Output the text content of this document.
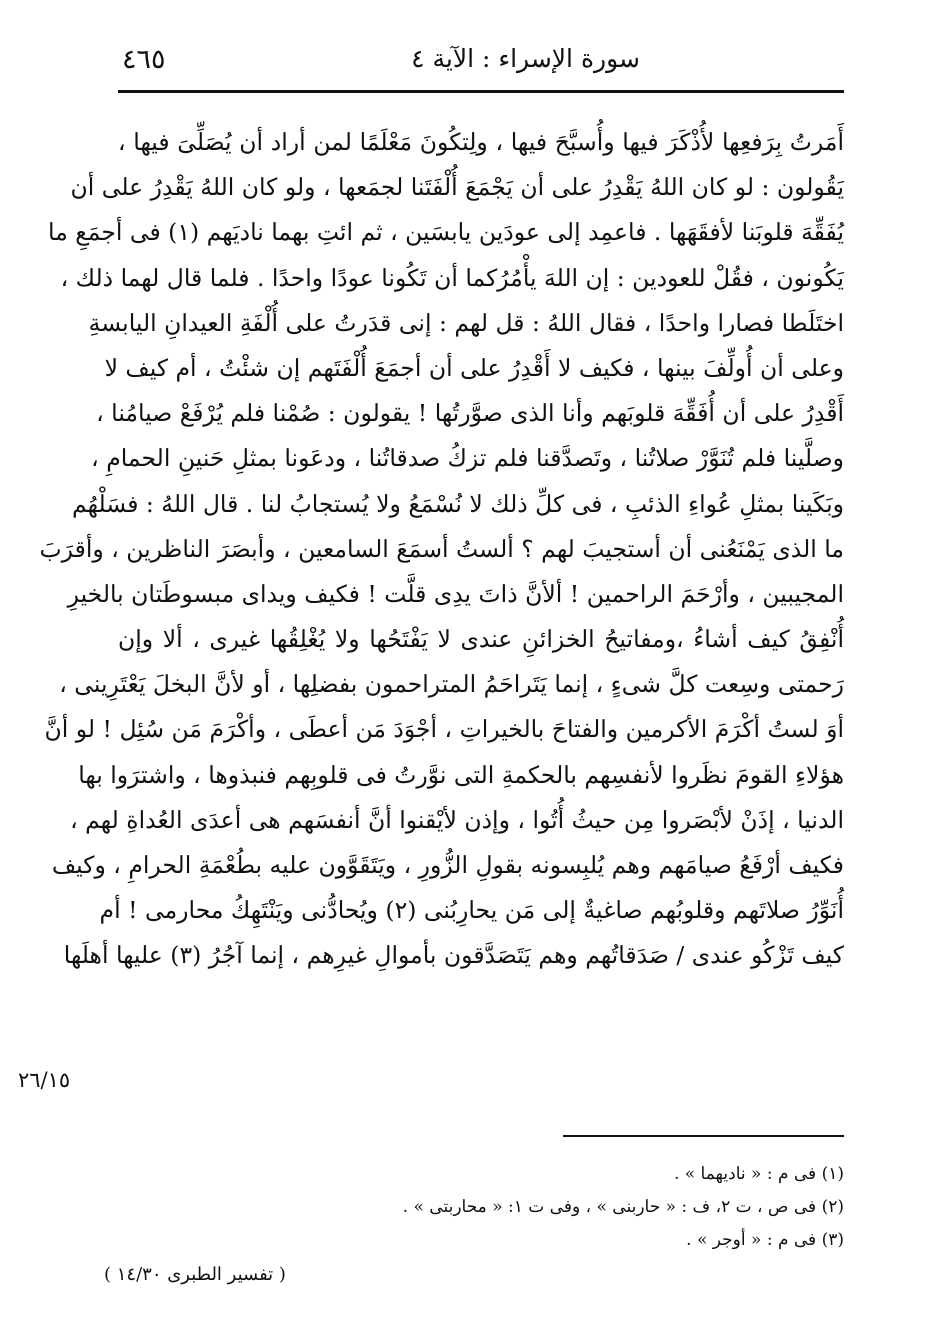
٤٦٥	سورة الإسراء : الآية ٤
أَمَرتُ بِرَفعِها لأُذْكَرَ فيها وأُسبَّحَ فيها ، ولِتكُونَ مَعْلَمًا لمن أراد أن يُصَلِّىَ فيها ،
يَقُولون : لو كان اللهُ يَقْدِرُ على أن يَجْمَعَ أُلْفَتَنا لجمَعها ، ولو كان اللهُ يَقْدِرُ على أن
يُفَقِّهَ قلوبَنا لأفقَهَها . فاعمِد إلى عودَين يابسَين ، ثم ائتِ بهما ناديَهم (١) فى أجمَعِ ما
يَكُونون ، فقُلْ للعودين : إن اللهَ يأْمُرُكما أن تَكُونا عودًا واحدًا . فلما قال لهما ذلك ،
اختَلَطا فصارا واحدًا ، فقال اللهُ : قل لهم : إنى قدَرتُ على أُلْفَةِ العيدانِ اليابسةِ
وعلى أن أُولِّفَ بينها ، فكيف لا أَقْدِرُ على أن أجمَعَ أُلْفَتَهم إن شئْتُ ، أم كيف لا
أَقْدِرُ على أن أُفَقِّهَ قلوبَهم وأنا الذى صوَّرتُها ! يقولون : صُمْنا فلم يُرْفَعْ صيامُنا ،
وصلَّينا فلم تُنَوَّرْ صلاتُنا ، وتَصدَّقنا فلم تزكُ صدقاتُنا ، ودعَونا بمثلِ حَنينِ الحمامِ ،
وبَكَينا بمثلِ عُواءِ الذئبِ ، فى كلِّ ذلك لا نُسْمَعُ ولا يُستجابُ لنا . قال اللهُ : فسَلْهُم
ما الذى يَمْنَعُنى أن أستجيبَ لهم ؟ ألستُ أسمَعَ السامعين ، وأبصَرَ الناظرين ، وأقرَبَ
المجيبين ، وأرْحَمَ الراحمين ! ألأنَّ ذاتَ يدِى قلَّت ! فكيف ويداى مبسوطَتان بالخيرِ
أُنْفِقُ كيف أشاءُ ،ومفاتيحُ الخزائنِ عندى لا يَفْتَحُها ولا يُغْلِقُها غيرى ، ألا وإن
رَحمتى وسِعت كلَّ شىءٍ ، إنما يَتَراحَمُ المتراحمون بفضلِها ، أو لأنَّ البخلَ يَعْتَرِينى ،
أوَ لستُ أكْرَمَ الأكرمين والفتاحَ بالخيراتِ ، أجْوَدَ مَن أعطَى ، وأكْرَمَ مَن سُئِل ! لو أنَّ
هؤلاءِ القومَ نظَروا لأنفسِهم بالحكمةِ التى نوَّرتُ فى قلوبِهم فنبذوها ، واشترَوا بها
الدنيا ، إذَنْ لأبْصَروا مِن حيثُ أُتُوا ، وإذن لأيْقنوا أنَّ أنفسَهم هى أعدَى العُداةِ لهم ،
فكيف أرْفَعُ صيامَهم وهم يُلبِسونه بقولِ الزُّورِ ، ويَتَقَوَّون عليه بطُعْمَةِ الحرامِ ، وكيف
أُنَوِّرُ صلاتَهم وقلوبُهم صاغيةٌ إلى مَن يحارِبُنى (٢) ويُحادُّنى ويَنْتَهِكُ محارمى ! أم
كيف تَزْكُو عندى / صَدَقاتُهم وهم يَتَصَدَّقون بأموالِ غيرِهم ، إنما آجُرُ (٣) عليها أهلَها
٢٦/١٥
(١) فى م : « ناديهما » .
(٢) فى ص ، ت ٢، ف : « حاربنى » ، وفى ت ١: « محاربتى » .
(٣) فى م : « أوجر » .
( تفسير الطبرى ١٤/٣٠ )
